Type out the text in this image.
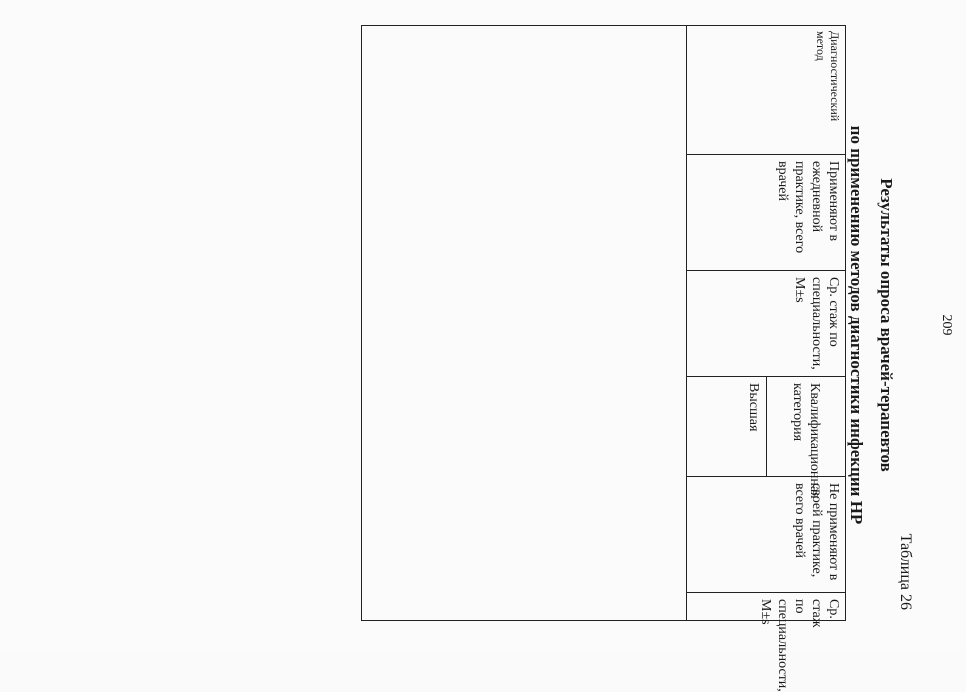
209
Таблица 26
Результаты опроса врачей-терапевтов
по применению методов диагностики инфекции НР
Диагностический метод
Применяют в ежедневной практике, всего врачей
Ср. стаж по специальности, М±s
Квалификационная категория
Высшая
Не применяют в своей практике, всего врачей
Ср. стаж по специальности, М±s
